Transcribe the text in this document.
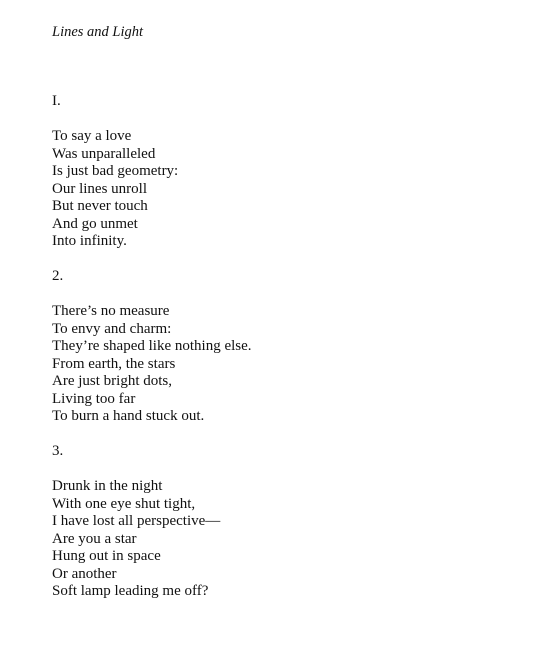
Lines and Light
I.
To say a love
Was unparalleled
Is just bad geometry:
Our lines unroll
But never touch
And go unmet
Into infinity.
2.
There’s no measure
To envy and charm:
They’re shaped like nothing else.
From earth, the stars
Are just bright dots,
Living too far
To burn a hand stuck out.
3.
Drunk in the night
With one eye shut tight,
I have lost all perspective—
Are you a star
Hung out in space
Or another
Soft lamp leading me off?
